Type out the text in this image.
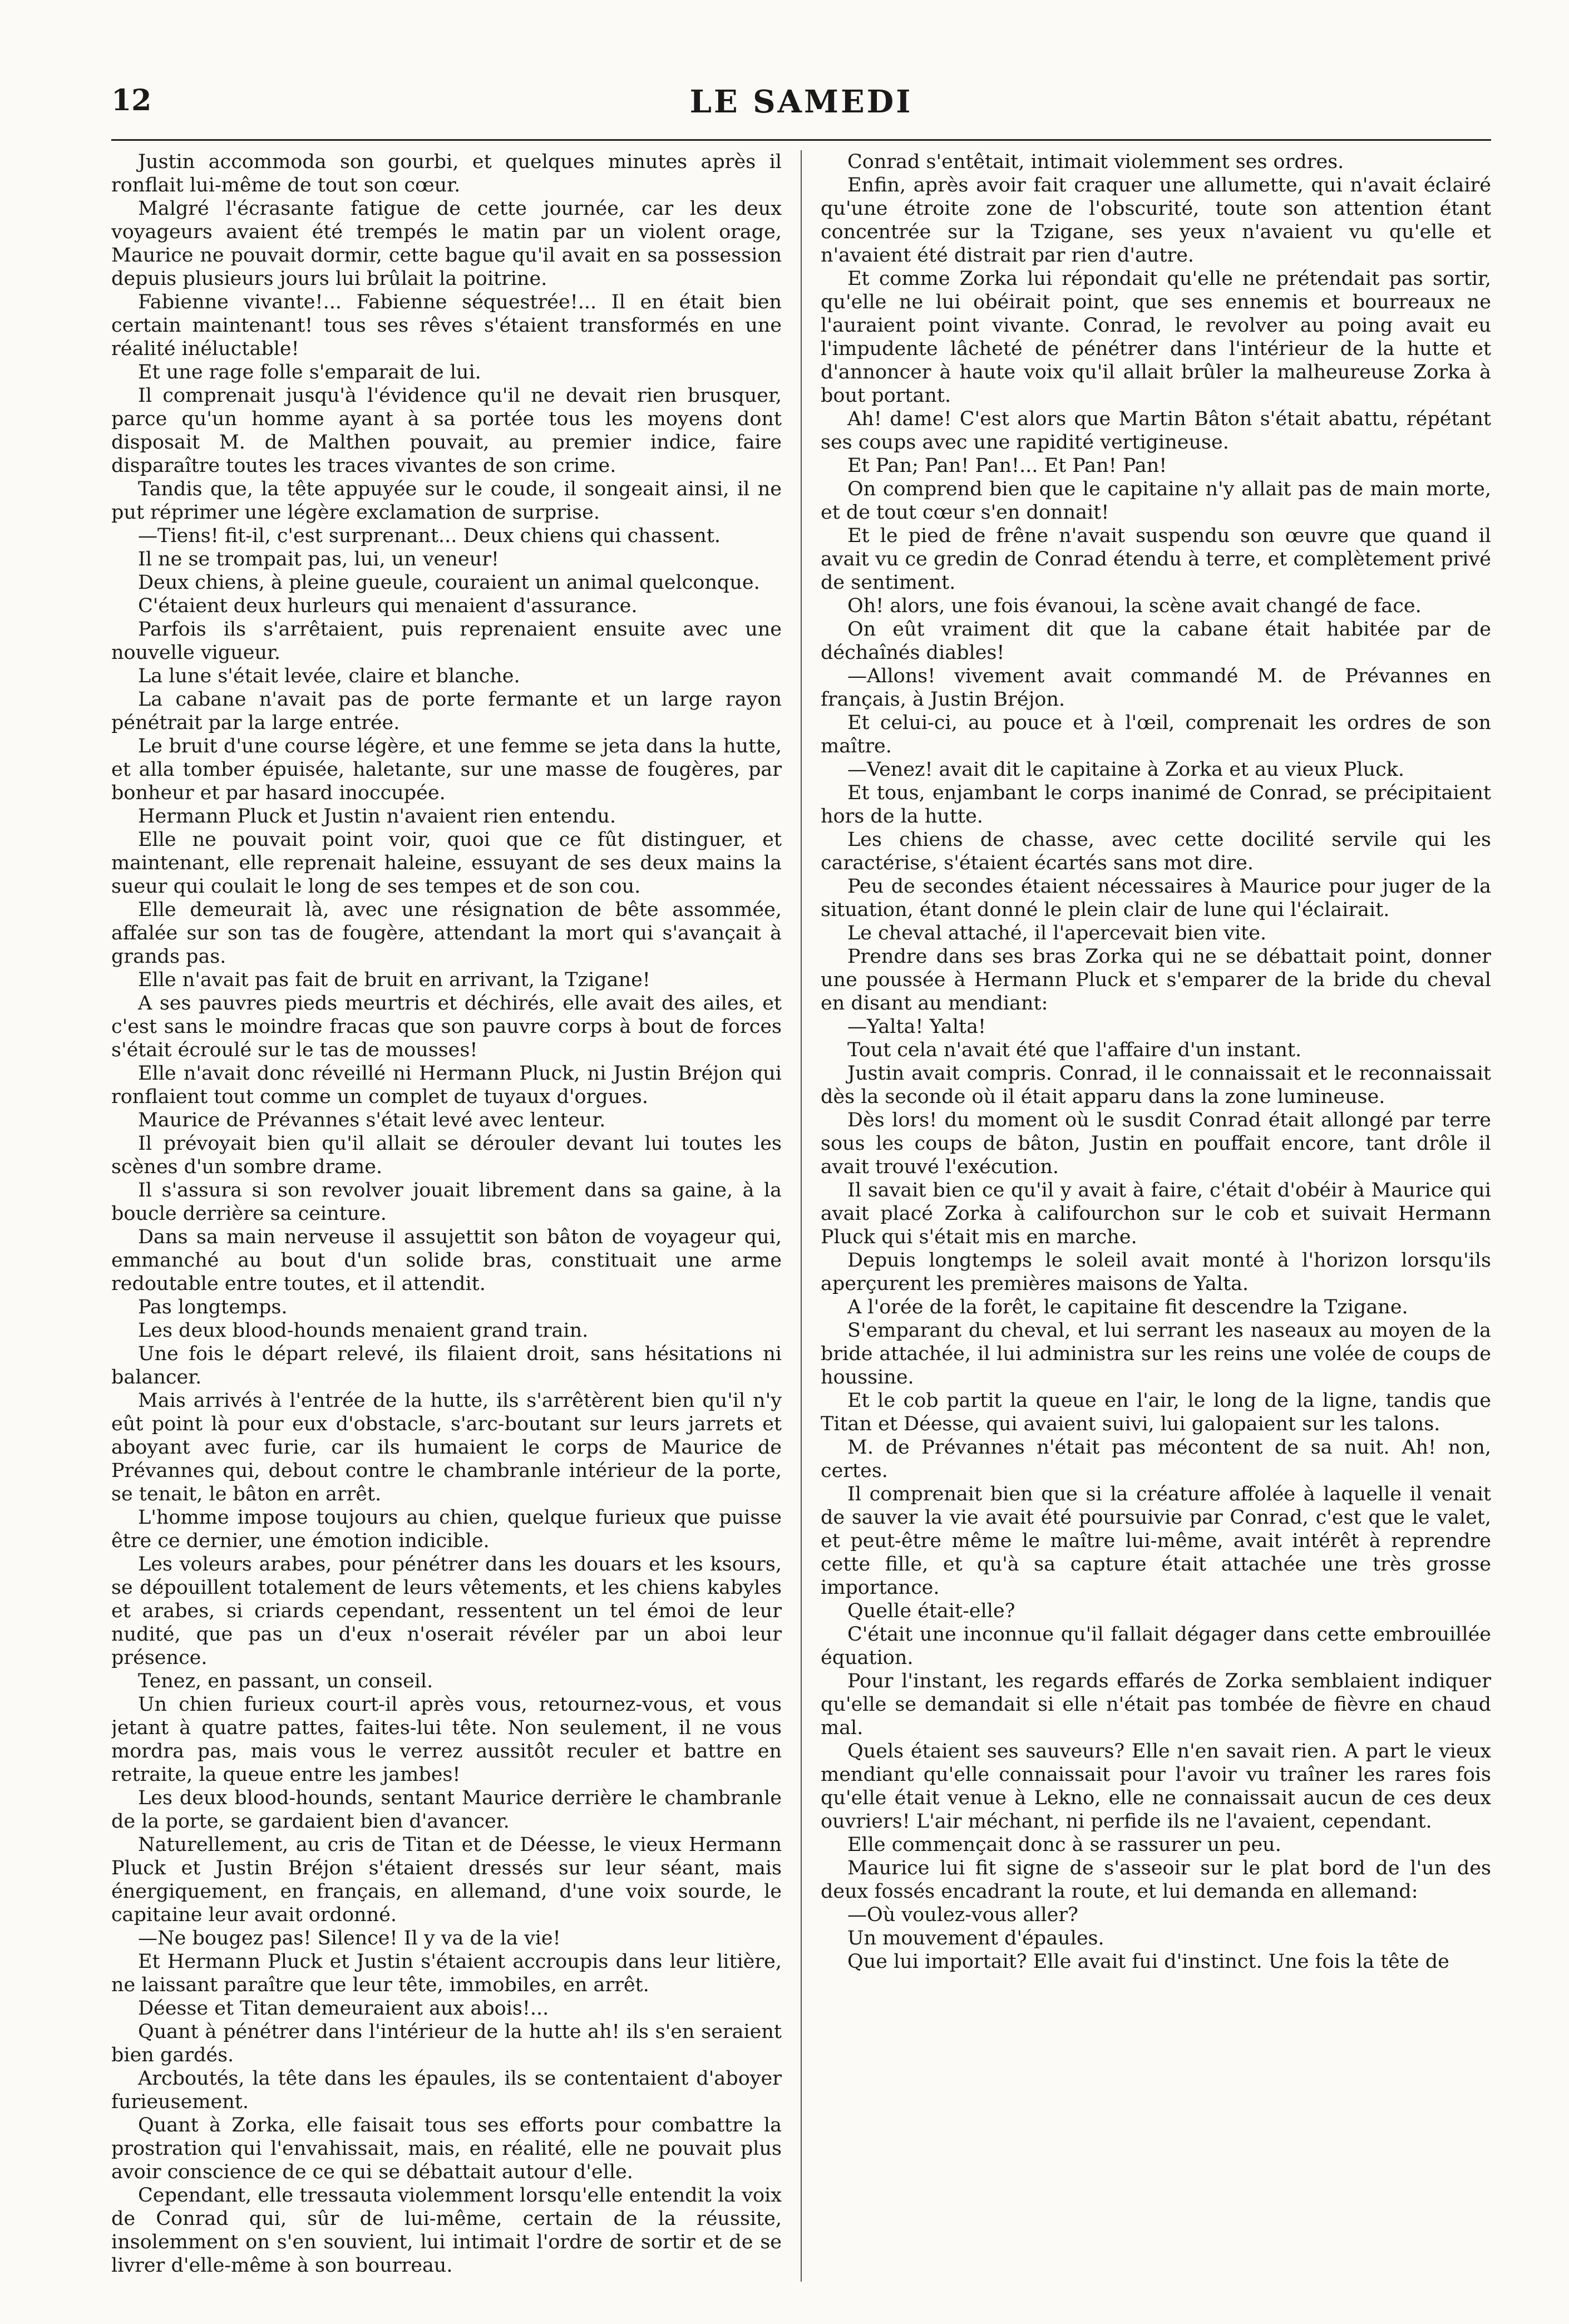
12	LE SAMEDI

Justin accommoda son gourbi, et quelques minutes après il ronflait lui-même de tout son cœur.

Malgré l'écrasante fatigue de cette journée, car les deux voyageurs avaient été trempés le matin par un violent orage, Maurice ne pouvait dormir, cette bague qu'il avait en sa possession depuis plusieurs jours lui brûlait la poitrine.

Fabienne vivante!... Fabienne séquestrée!... Il en était bien certain maintenant! tous ses rêves s'étaient transformés en une réalité inéluctable!

Et une rage folle s'emparait de lui.

Il comprenait jusqu'à l'évidence qu'il ne devait rien brusquer, parce qu'un homme ayant à sa portée tous les moyens dont disposait M. de Malthen pouvait, au premier indice, faire disparaître toutes les traces vivantes de son crime.

Tandis que, la tête appuyée sur le coude, il songeait ainsi, il ne put réprimer une légère exclamation de surprise.

—Tiens! fit-il, c'est surprenant... Deux chiens qui chassent.

Il ne se trompait pas, lui, un veneur!

Deux chiens, à pleine gueule, couraient un animal quelconque.

C'étaient deux hurleurs qui menaient d'assurance.

Parfois ils s'arrêtaient, puis reprenaient ensuite avec une nouvelle vigueur.

La lune s'était levée, claire et blanche.

La cabane n'avait pas de porte fermante et un large rayon pénétrait par la large entrée.

Le bruit d'une course légère, et une femme se jeta dans la hutte, et alla tomber épuisée, haletante, sur une masse de fougères, par bonheur et par hasard inoccupée.

Hermann Pluck et Justin n'avaient rien entendu.

Elle ne pouvait point voir, quoi que ce fût distinguer, et maintenant, elle reprenait haleine, essuyant de ses deux mains la sueur qui coulait le long de ses tempes et de son cou.

Elle demeurait là, avec une résignation de bête assommée, affalée sur son tas de fougère, attendant la mort qui s'avançait à grands pas.

Elle n'avait pas fait de bruit en arrivant, la Tzigane!

A ses pauvres pieds meurtris et déchirés, elle avait des ailes, et c'est sans le moindre fracas que son pauvre corps à bout de forces s'était écroulé sur le tas de mousses!

Elle n'avait donc réveillé ni Hermann Pluck, ni Justin Bréjon qui ronflaient tout comme un complet de tuyaux d'orgues.

Maurice de Prévannes s'était levé avec lenteur.

Il prévoyait bien qu'il allait se dérouler devant lui toutes les scènes d'un sombre drame.

Il s'assura si son revolver jouait librement dans sa gaine, à la boucle derrière sa ceinture.

Dans sa main nerveuse il assujettit son bâton de voyageur qui, emmanché au bout d'un solide bras, constituait une arme redoutable entre toutes, et il attendit.

Pas longtemps.

Les deux blood-hounds menaient grand train.

Une fois le départ relevé, ils filaient droit, sans hésitations ni balancer.

Mais arrivés à l'entrée de la hutte, ils s'arrêtèrent bien qu'il n'y eût point là pour eux d'obstacle, s'arc-boutant sur leurs jarrets et aboyant avec furie, car ils humaient le corps de Maurice de Prévannes qui, debout contre le chambranle intérieur de la porte, se tenait, le bâton en arrêt.

L'homme impose toujours au chien, quelque furieux que puisse être ce dernier, une émotion indicible.

Les voleurs arabes, pour pénétrer dans les douars et les ksours, se dépouillent totalement de leurs vêtements, et les chiens kabyles et arabes, si criards cependant, ressentent un tel émoi de leur nudité, que pas un d'eux n'oserait révéler par un aboi leur présence.

Tenez, en passant, un conseil.

Un chien furieux court-il après vous, retournez-vous, et vous jetant à quatre pattes, faites-lui tête. Non seulement, il ne vous mordra pas, mais vous le verrez aussitôt reculer et battre en retraite, la queue entre les jambes!

Les deux blood-hounds, sentant Maurice derrière le chambranle de la porte, se gardaient bien d'avancer.

Naturellement, au cris de Titan et de Déesse, le vieux Hermann Pluck et Justin Bréjon s'étaient dressés sur leur séant, mais énergiquement, en français, en allemand, d'une voix sourde, le capitaine leur avait ordonné.

—Ne bougez pas! Silence! Il y va de la vie!

Et Hermann Pluck et Justin s'étaient accroupis dans leur litière, ne laissant paraître que leur tête, immobiles, en arrêt.

Déesse et Titan demeuraient aux abois!...

Quant à pénétrer dans l'intérieur de la hutte ah! ils s'en seraient bien gardés.

Arcboutés, la tête dans les épaules, ils se contentaient d'aboyer furieusement.

Quant à Zorka, elle faisait tous ses efforts pour combattre la prostration qui l'envahissait, mais, en réalité, elle ne pouvait plus avoir conscience de ce qui se débattait autour d'elle.

Cependant, elle tressauta violemment lorsqu'elle entendit la voix de Conrad qui, sûr de lui-même, certain de la réussite, insolemment on s'en souvient, lui intimait l'ordre de sortir et de se livrer d'elle-même à son bourreau.

Conrad s'entêtait, intimait violemment ses ordres.

Enfin, après avoir fait craquer une allumette, qui n'avait éclairé qu'une étroite zone de l'obscurité, toute son attention étant concentrée sur la Tzigane, ses yeux n'avaient vu qu'elle et n'avaient été distrait par rien d'autre.

Et comme Zorka lui répondait qu'elle ne prétendait pas sortir, qu'elle ne lui obéirait point, que ses ennemis et bourreaux ne l'auraient point vivante. Conrad, le revolver au poing avait eu l'impudente lâcheté de pénétrer dans l'intérieur de la hutte et d'annoncer à haute voix qu'il allait brûler la malheureuse Zorka à bout portant.

Ah! dame! C'est alors que Martin Bâton s'était abattu, répétant ses coups avec une rapidité vertigineuse.

Et Pan; Pan! Pan!... Et Pan! Pan!

On comprend bien que le capitaine n'y allait pas de main morte, et de tout cœur s'en donnait!

Et le pied de frêne n'avait suspendu son œuvre que quand il avait vu ce gredin de Conrad étendu à terre, et complètement privé de sentiment.

Oh! alors, une fois évanoui, la scène avait changé de face.

On eût vraiment dit que la cabane était habitée par de déchaînés diables!

—Allons! vivement avait commandé M. de Prévannes en français, à Justin Bréjon.

Et celui-ci, au pouce et à l'œil, comprenait les ordres de son maître.

—Venez! avait dit le capitaine à Zorka et au vieux Pluck.

Et tous, enjambant le corps inanimé de Conrad, se précipitaient hors de la hutte.

Les chiens de chasse, avec cette docilité servile qui les caractérise, s'étaient écartés sans mot dire.

Peu de secondes étaient nécessaires à Maurice pour juger de la situation, étant donné le plein clair de lune qui l'éclairait.

Le cheval attaché, il l'apercevait bien vite.

Prendre dans ses bras Zorka qui ne se débattait point, donner une poussée à Hermann Pluck et s'emparer de la bride du cheval en disant au mendiant:

—Yalta! Yalta!

Tout cela n'avait été que l'affaire d'un instant.

Justin avait compris. Conrad, il le connaissait et le reconnaissait dès la seconde où il était apparu dans la zone lumineuse.

Dès lors! du moment où le susdit Conrad était allongé par terre sous les coups de bâton, Justin en pouffait encore, tant drôle il avait trouvé l'exécution.

Il savait bien ce qu'il y avait à faire, c'était d'obéir à Maurice qui avait placé Zorka à califourchon sur le cob et suivait Hermann Pluck qui s'était mis en marche.

Depuis longtemps le soleil avait monté à l'horizon lorsqu'ils aperçurent les premières maisons de Yalta.

A l'orée de la forêt, le capitaine fit descendre la Tzigane.

S'emparant du cheval, et lui serrant les naseaux au moyen de la bride attachée, il lui administra sur les reins une volée de coups de houssine.

Et le cob partit la queue en l'air, le long de la ligne, tandis que Titan et Déesse, qui avaient suivi, lui galopaient sur les talons.

M. de Prévannes n'était pas mécontent de sa nuit. Ah! non, certes.

Il comprenait bien que si la créature affolée à laquelle il venait de sauver la vie avait été poursuivie par Conrad, c'est que le valet, et peut-être même le maître lui-même, avait intérêt à reprendre cette fille, et qu'à sa capture était attachée une très grosse importance.

Quelle était-elle?

C'était une inconnue qu'il fallait dégager dans cette embrouillée équation.

Pour l'instant, les regards effarés de Zorka semblaient indiquer qu'elle se demandait si elle n'était pas tombée de fièvre en chaud mal.

Quels étaient ses sauveurs? Elle n'en savait rien. A part le vieux mendiant qu'elle connaissait pour l'avoir vu traîner les rares fois qu'elle était venue à Lekno, elle ne connaissait aucun de ces deux ouvriers! L'air méchant, ni perfide ils ne l'avaient, cependant.

Elle commençait donc à se rassurer un peu.

Maurice lui fit signe de s'asseoir sur le plat bord de l'un des deux fossés encadrant la route, et lui demanda en allemand:

—Où voulez-vous aller?

Un mouvement d'épaules.

Que lui importait? Elle avait fui d'instinct. Une fois la tête de
